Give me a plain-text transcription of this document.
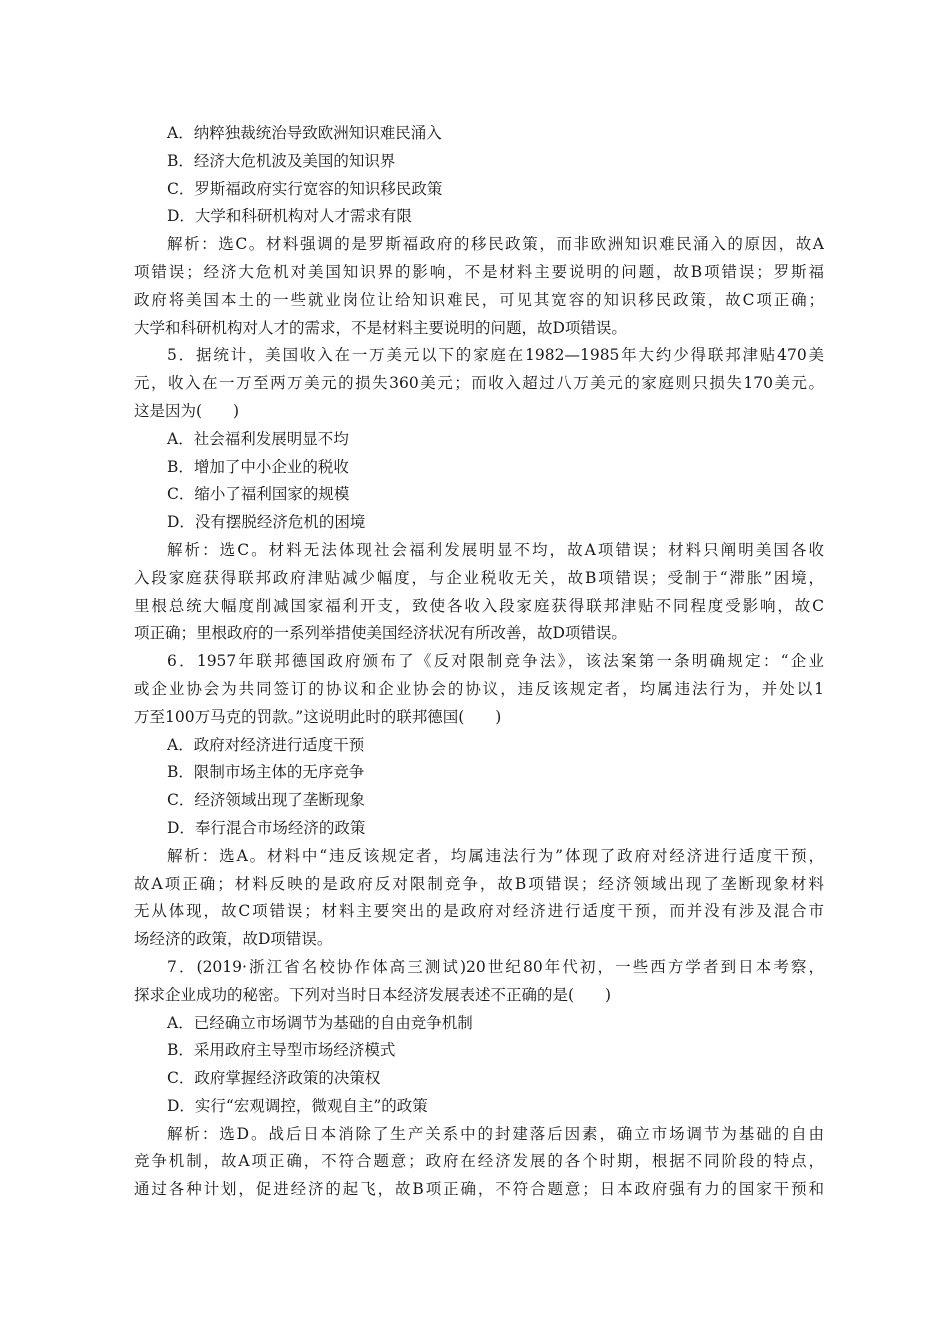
A．纳粹独裁统治导致欧洲知识难民涌入
B．经济大危机波及美国的知识界
C．罗斯福政府实行宽容的知识移民政策
D．大学和科研机构对人才需求有限
解析：选C。材料强调的是罗斯福政府的移民政策，而非欧洲知识难民涌入的原因，故A
项错误；经济大危机对美国知识界的影响，不是材料主要说明的问题，故B项错误；罗斯福
政府将美国本土的一些就业岗位让给知识难民，可见其宽容的知识移民政策，故C项正确；
大学和科研机构对人才的需求，不是材料主要说明的问题，故D项错误。
5．据统计，美国收入在一万美元以下的家庭在1982—1985年大约少得联邦津贴470美
元，收入在一万至两万美元的损失360美元；而收入超过八万美元的家庭则只损失170美元。
这是因为(　　)
A．社会福利发展明显不均
B．增加了中小企业的税收
C．缩小了福利国家的规模
D．没有摆脱经济危机的困境
解析：选C。材料无法体现社会福利发展明显不均，故A项错误；材料只阐明美国各收
入段家庭获得联邦政府津贴减少幅度，与企业税收无关，故B项错误；受制于“滞胀”困境，
里根总统大幅度削减国家福利开支，致使各收入段家庭获得联邦津贴不同程度受影响，故C
项正确；里根政府的一系列举措使美国经济状况有所改善，故D项错误。
6．1957年联邦德国政府颁布了《反对限制竞争法》，该法案第一条明确规定：“企业
或企业协会为共同签订的协议和企业协会的协议，违反该规定者，均属违法行为，并处以1
万至100万马克的罚款。”这说明此时的联邦德国(　　)
A．政府对经济进行适度干预
B．限制市场主体的无序竞争
C．经济领域出现了垄断现象
D．奉行混合市场经济的政策
解析：选A。材料中“违反该规定者，均属违法行为”体现了政府对经济进行适度干预，
故A项正确；材料反映的是政府反对限制竞争，故B项错误；经济领域出现了垄断现象材料
无从体现，故C项错误；材料主要突出的是政府对经济进行适度干预，而并没有涉及混合市
场经济的政策，故D项错误。
7．(2019·浙江省名校协作体高三测试)20世纪80年代初，一些西方学者到日本考察，
探求企业成功的秘密。下列对当时日本经济发展表述不正确的是(　　)
A．已经确立市场调节为基础的自由竞争机制
B．采用政府主导型市场经济模式
C．政府掌握经济政策的决策权
D．实行“宏观调控，微观自主”的政策
解析：选D。战后日本消除了生产关系中的封建落后因素，确立市场调节为基础的自由
竞争机制，故A项正确，不符合题意；政府在经济发展的各个时期，根据不同阶段的特点，
通过各种计划，促进经济的起飞，故B项正确，不符合题意；日本政府强有力的国家干预和
